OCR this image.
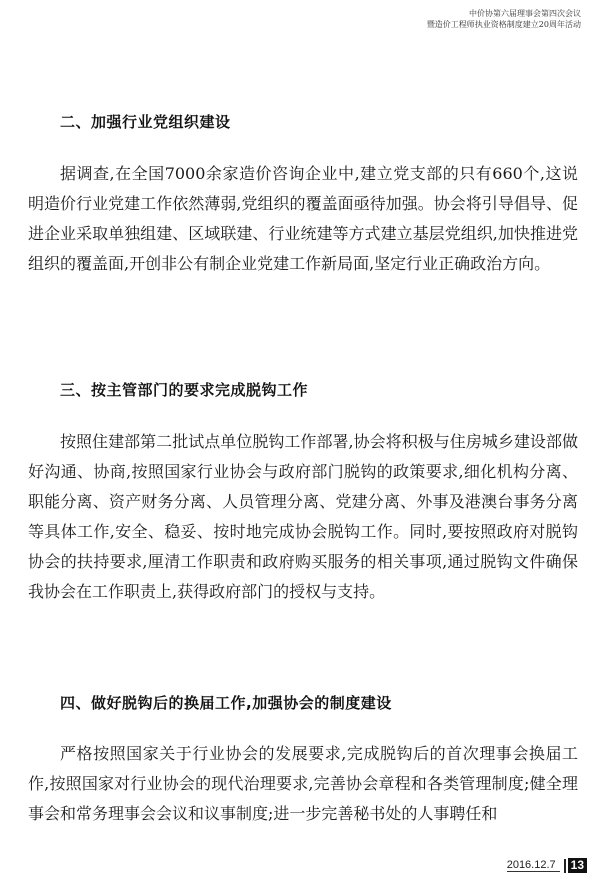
中价协第六届理事会第四次会议
暨造价工程师执业资格制度建立20周年活动
二、加强行业党组织建设
据调查,在全国7000余家造价咨询企业中,建立党支部的只有660个,这说明造价行业党建工作依然薄弱,党组织的覆盖面亟待加强。协会将引导倡导、促进企业采取单独组建、区域联建、行业统建等方式建立基层党组织,加快推进党组织的覆盖面,开创非公有制企业党建工作新局面,坚定行业正确政治方向。
三、按主管部门的要求完成脱钩工作
按照住建部第二批试点单位脱钩工作部署,协会将积极与住房城乡建设部做好沟通、协商,按照国家行业协会与政府部门脱钩的政策要求,细化机构分离、职能分离、资产财务分离、人员管理分离、党建分离、外事及港澳台事务分离等具体工作,安全、稳妥、按时地完成协会脱钩工作。同时,要按照政府对脱钩协会的扶持要求,厘清工作职责和政府购买服务的相关事项,通过脱钩文件确保我协会在工作职责上,获得政府部门的授权与支持。
四、做好脱钩后的换届工作,加强协会的制度建设
严格按照国家关于行业协会的发展要求,完成脱钩后的首次理事会换届工作,按照国家对行业协会的现代治理要求,完善协会章程和各类管理制度;健全理事会和常务理事会会议和议事制度;进一步完善秘书处的人事聘任和
2016.12.7	13
